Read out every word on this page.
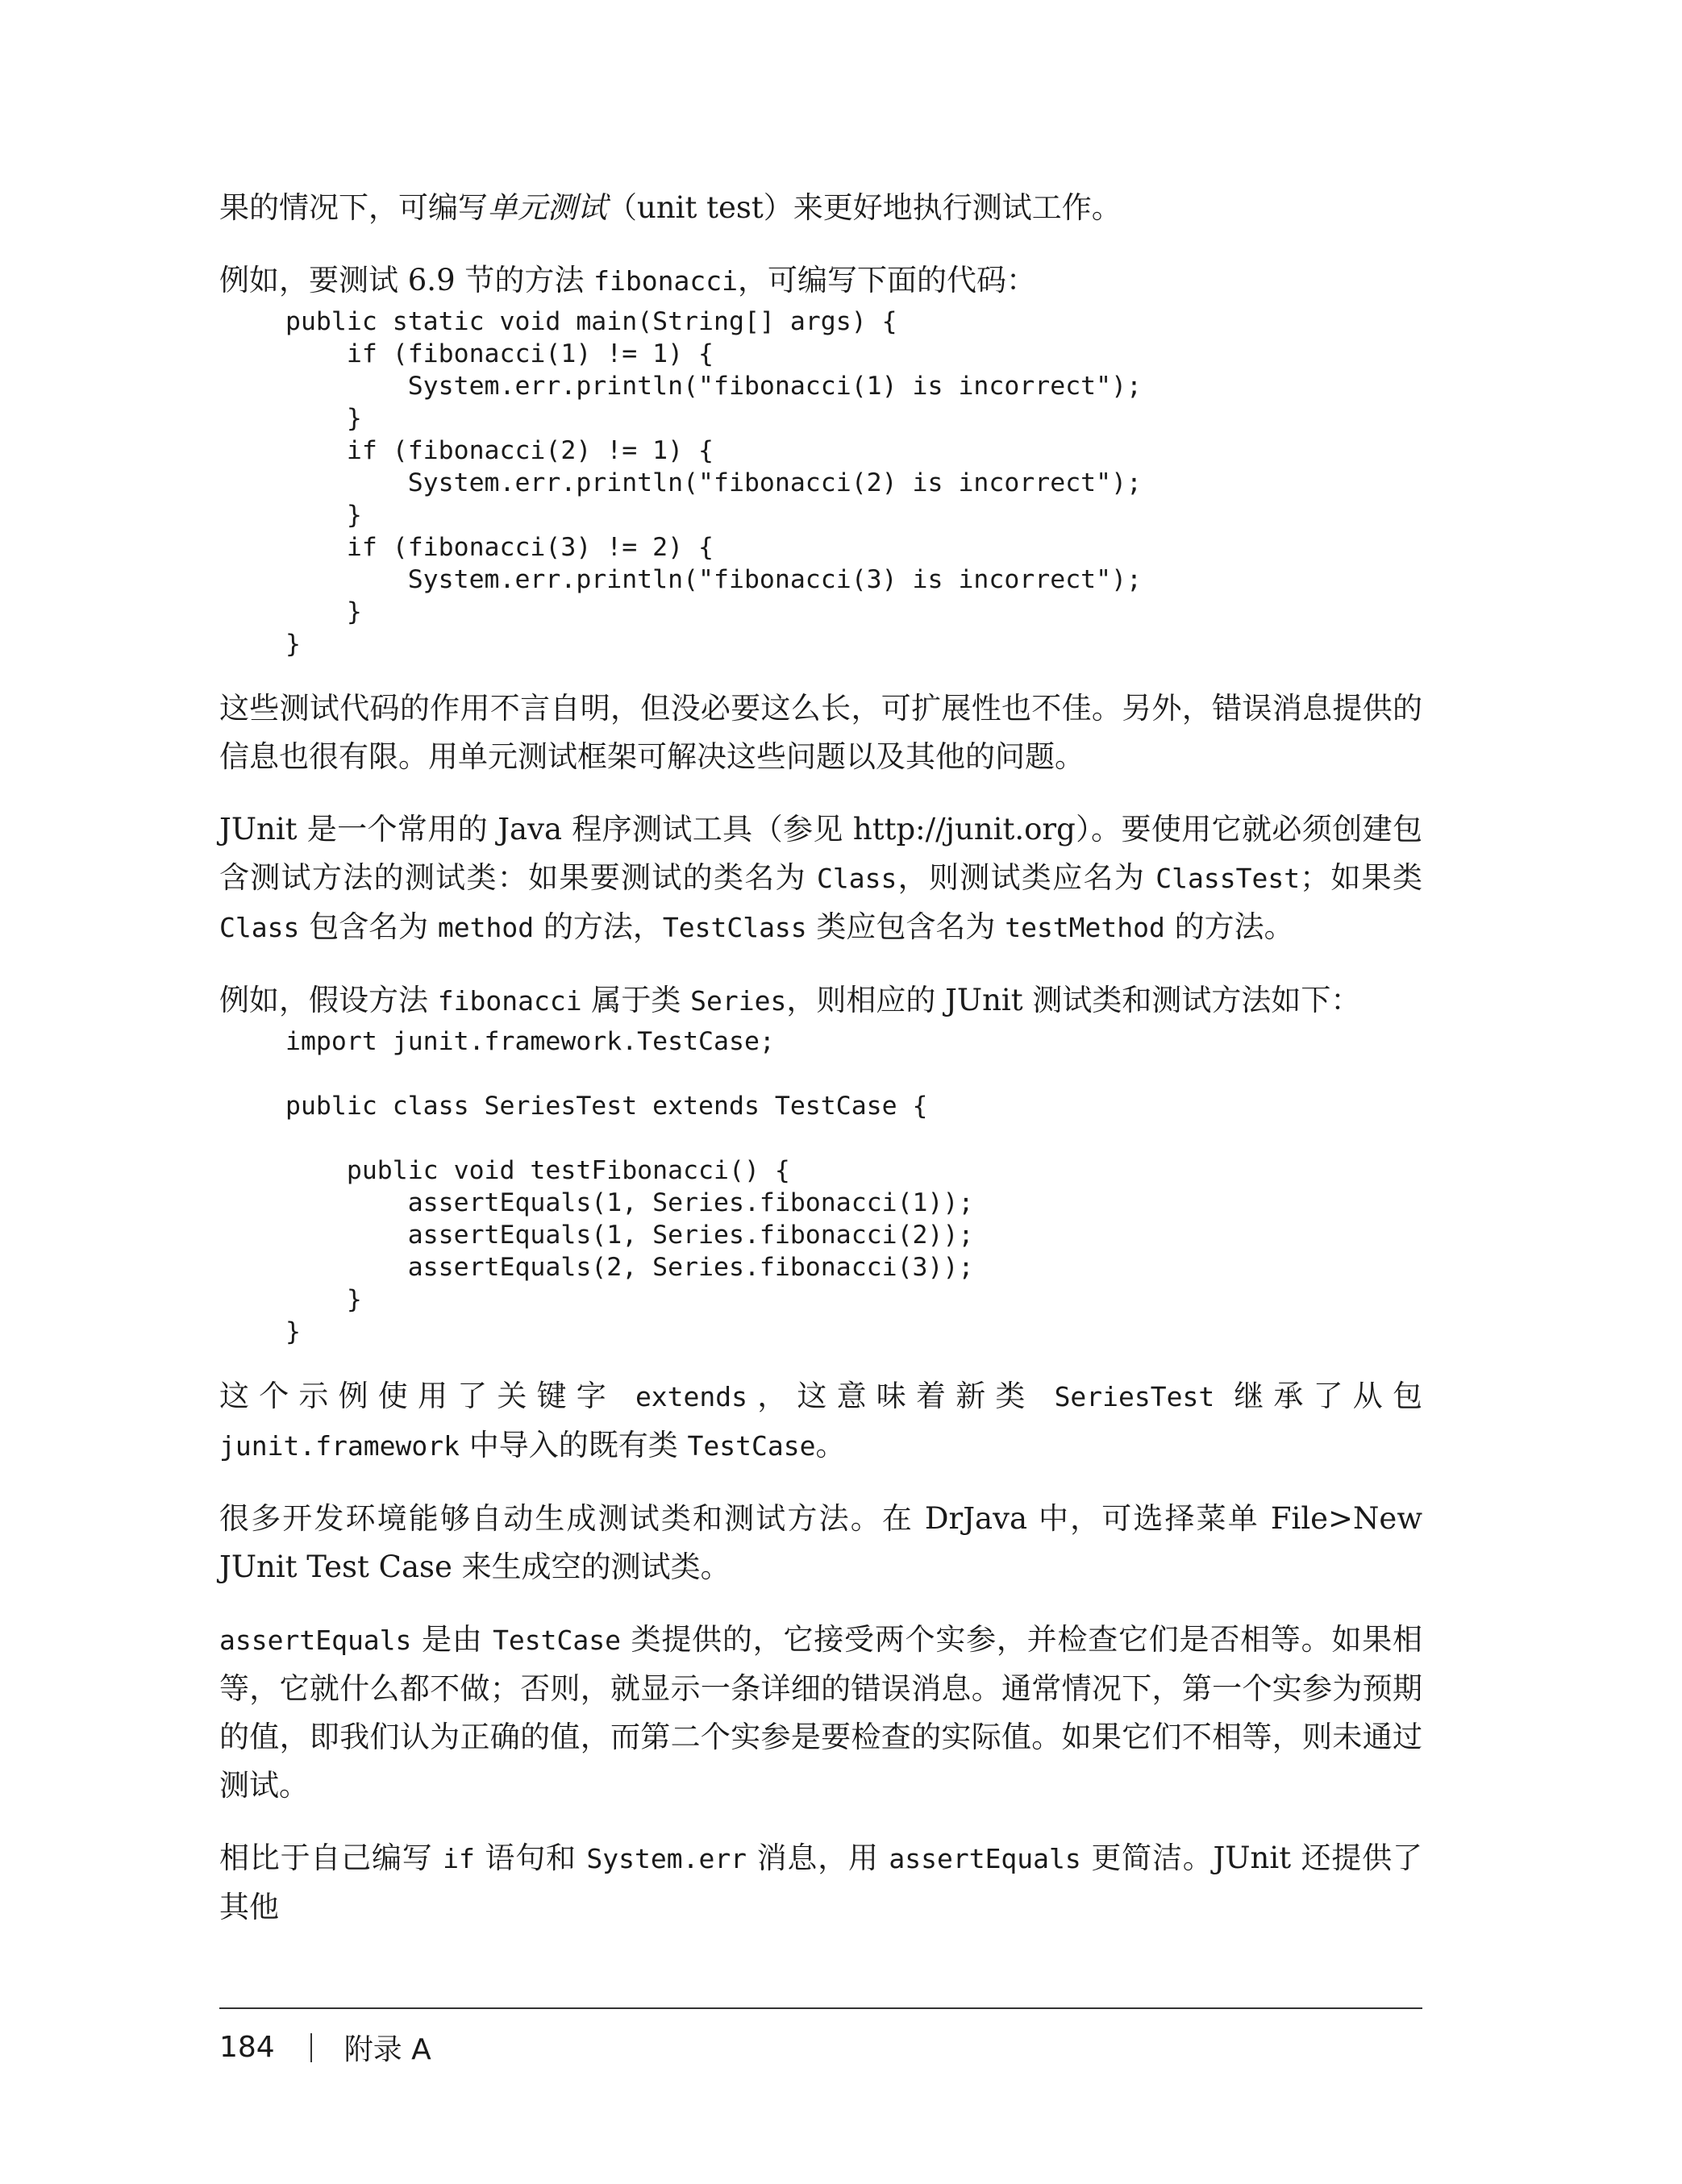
果的情况下，可编写单元测试（unit test）来更好地执行测试工作。

例如，要测试 6.9 节的方法 fibonacci，可编写下面的代码：

public static void main(String[] args) {
if (fibonacci(1) != 1) {
System.err.println("fibonacci(1) is incorrect");
}
if (fibonacci(2) != 1) {
System.err.println("fibonacci(2) is incorrect");
}
if (fibonacci(3) != 2) {
System.err.println("fibonacci(3) is incorrect");
}
}

这些测试代码的作用不言自明，但没必要这么长，可扩展性也不佳。另外，错误消息提供的信息也很有限。用单元测试框架可解决这些问题以及其他的问题。

JUnit 是一个常用的 Java 程序测试工具（参见 http://junit.org）。要使用它就必须创建包含测试方法的测试类：如果要测试的类名为 Class，则测试类应名为 ClassTest；如果类 Class 包含名为 method 的方法，TestClass 类应包含名为 testMethod 的方法。

例如，假设方法 fibonacci 属于类 Series，则相应的 JUnit 测试类和测试方法如下：

import junit.framework.TestCase;

public class SeriesTest extends TestCase {

public void testFibonacci() {
assertEquals(1, Series.fibonacci(1));
assertEquals(1, Series.fibonacci(2));
assertEquals(2, Series.fibonacci(3));
}
}

这个示例使用了关键字 extends，这意味着新类 SeriesTest 继承了从包 junit.framework 中导入的既有类 TestCase。

很多开发环境能够自动生成测试类和测试方法。在 DrJava 中，可选择菜单 File>New JUnit Test Case 来生成空的测试类。

assertEquals 是由 TestCase 类提供的，它接受两个实参，并检查它们是否相等。如果相等，它就什么都不做；否则，就显示一条详细的错误消息。通常情况下，第一个实参为预期的值，即我们认为正确的值，而第二个实参是要检查的实际值。如果它们不相等，则未通过测试。

相比于自己编写 if 语句和 System.err 消息，用 assertEquals 更简洁。JUnit 还提供了其他

184 附录 A
